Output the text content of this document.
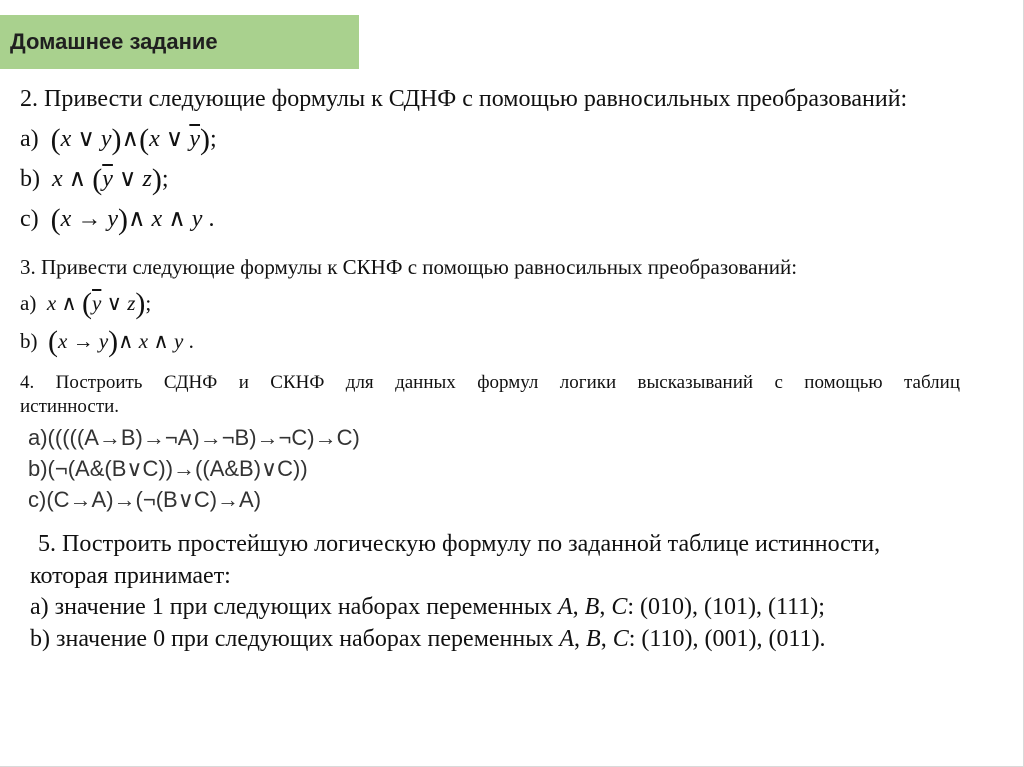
Домашнее задание
2. Привести следующие формулы к СДНФ с помощью равносильных преобразований:
a) (x ∨ y)∧(x ∨ $\overline{y}$);
b) x ∧ ($\overline{y}$ ∨ z);
c) (x → y)∧ x ∧ y .
3. Привести следующие формулы к СКНФ с помощью равносильных преобразований:
a) x ∧ ($\overline{y}$ ∨ z);
b) (x → y)∧ x ∧ y .
4. Построить СДНФ и СКНФ для данных формул логики высказываний с помощью таблиц
истинности.
a)(((((A→B)→¬A)→¬B)→¬C)→C)
b)(¬(A&(B∨C))→((A&B)∨C))
c)(C→A)→(¬(B∨C)→A)
5. Построить простейшую логическую формулу по заданной таблице истинности,
которая принимает:
a) значение 1 при следующих наборах переменных A, B, C: (010), (101), (111);
b) значение 0 при следующих наборах переменных A, B, C: (110), (001), (011).
